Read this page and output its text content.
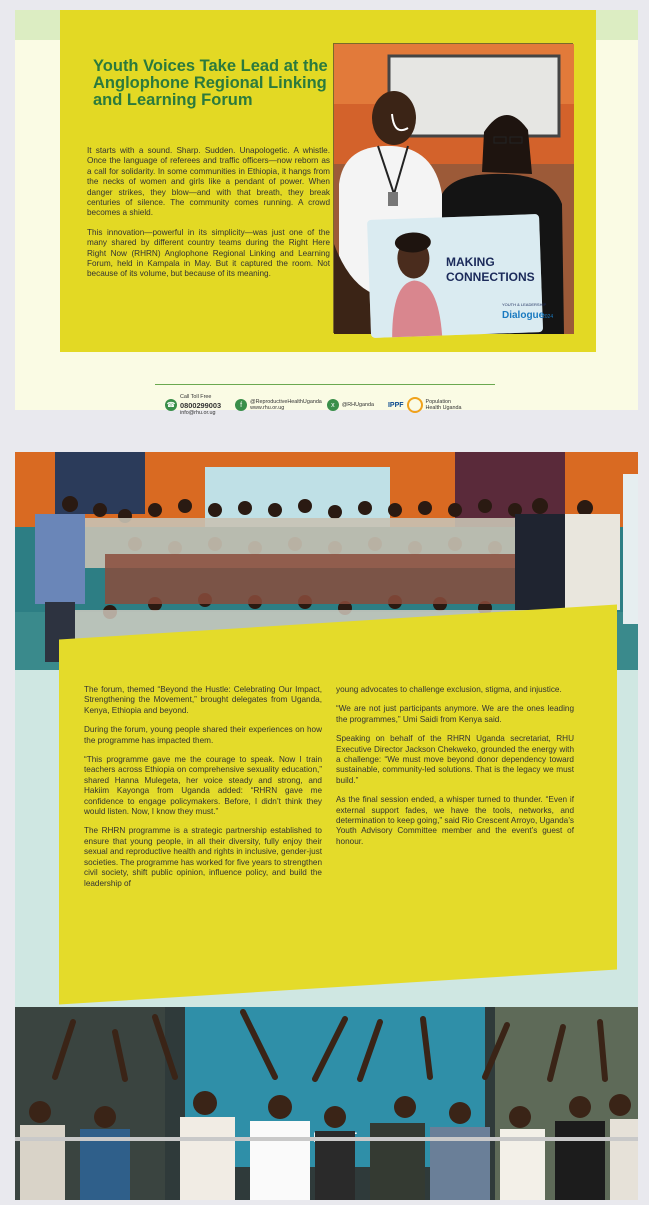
Youth Voices Take Lead at the Anglophone Regional Linking and Learning Forum

It starts with a sound. Sharp. Sudden. Unapologetic. A whistle. Once the language of referees and traffic officers—now reborn as a call for solidarity. In some communities in Ethiopia, it hangs from the necks of women and girls like a pendant of power. When danger strikes, they blow—and with that breath, they break centuries of silence. The community comes running. A crowd becomes a shield.

This innovation—powerful in its simplicity—was just one of the many shared by different country teams during the Right Here Right Now (RHRN) Anglophone Regional Linking and Learning Forum, held in Kampala in May. But it captured the room. Not because of its volume, but because of its meaning.

MAKING
CONNECTIONS
YOUTH & LEADERSHIP
Dialogue
2024
☎
Call Toll Free
0800299003
info@rhu.or.ug
f	@ReproductiveHealthUganda
www.rhu.or.ug	x	@RHUganda IPPF	Population Health Uganda

The forum, themed “Beyond the Hustle: Celebrating Our Impact, Strengthening the Movement,” brought delegates from Uganda, Kenya, Ethiopia and beyond.

During the forum, young people shared their experiences on how the programme has impacted them.

“This programme gave me the courage to speak. Now I train teachers across Ethiopia on comprehensive sexuality education,” shared Hanna Mulegeta, her voice steady and strong, and Hakiim Kayonga from Uganda added: “RHRN gave me confidence to engage policymakers. Before, I didn’t think they would listen. Now, I know they must.”

The RHRN programme is a strategic partnership established to ensure that young people, in all their diversity, fully enjoy their sexual and reproductive health and rights in inclusive, gender-just societies. The programme has worked for five years to strengthen civil society, shift public opinion, influence policy, and build the leadership of

young advocates to challenge exclusion, stigma, and injustice.

“We are not just participants anymore. We are the ones leading the programmes,” Umi Saidi from Kenya said.

Speaking on behalf of the RHRN Uganda secretariat, RHU Executive Director Jackson Chekweko, grounded the energy with a challenge: “We must move beyond donor dependency toward sustainable, community-led solutions. That is the legacy we must build.”

As the final session ended, a whisper turned to thunder. “Even if external support fades, we have the tools, networks, and determination to keep going,” said Rio Crescent Arroyo, Uganda’s Youth Advisory Committee member and the event’s guest of honour.
